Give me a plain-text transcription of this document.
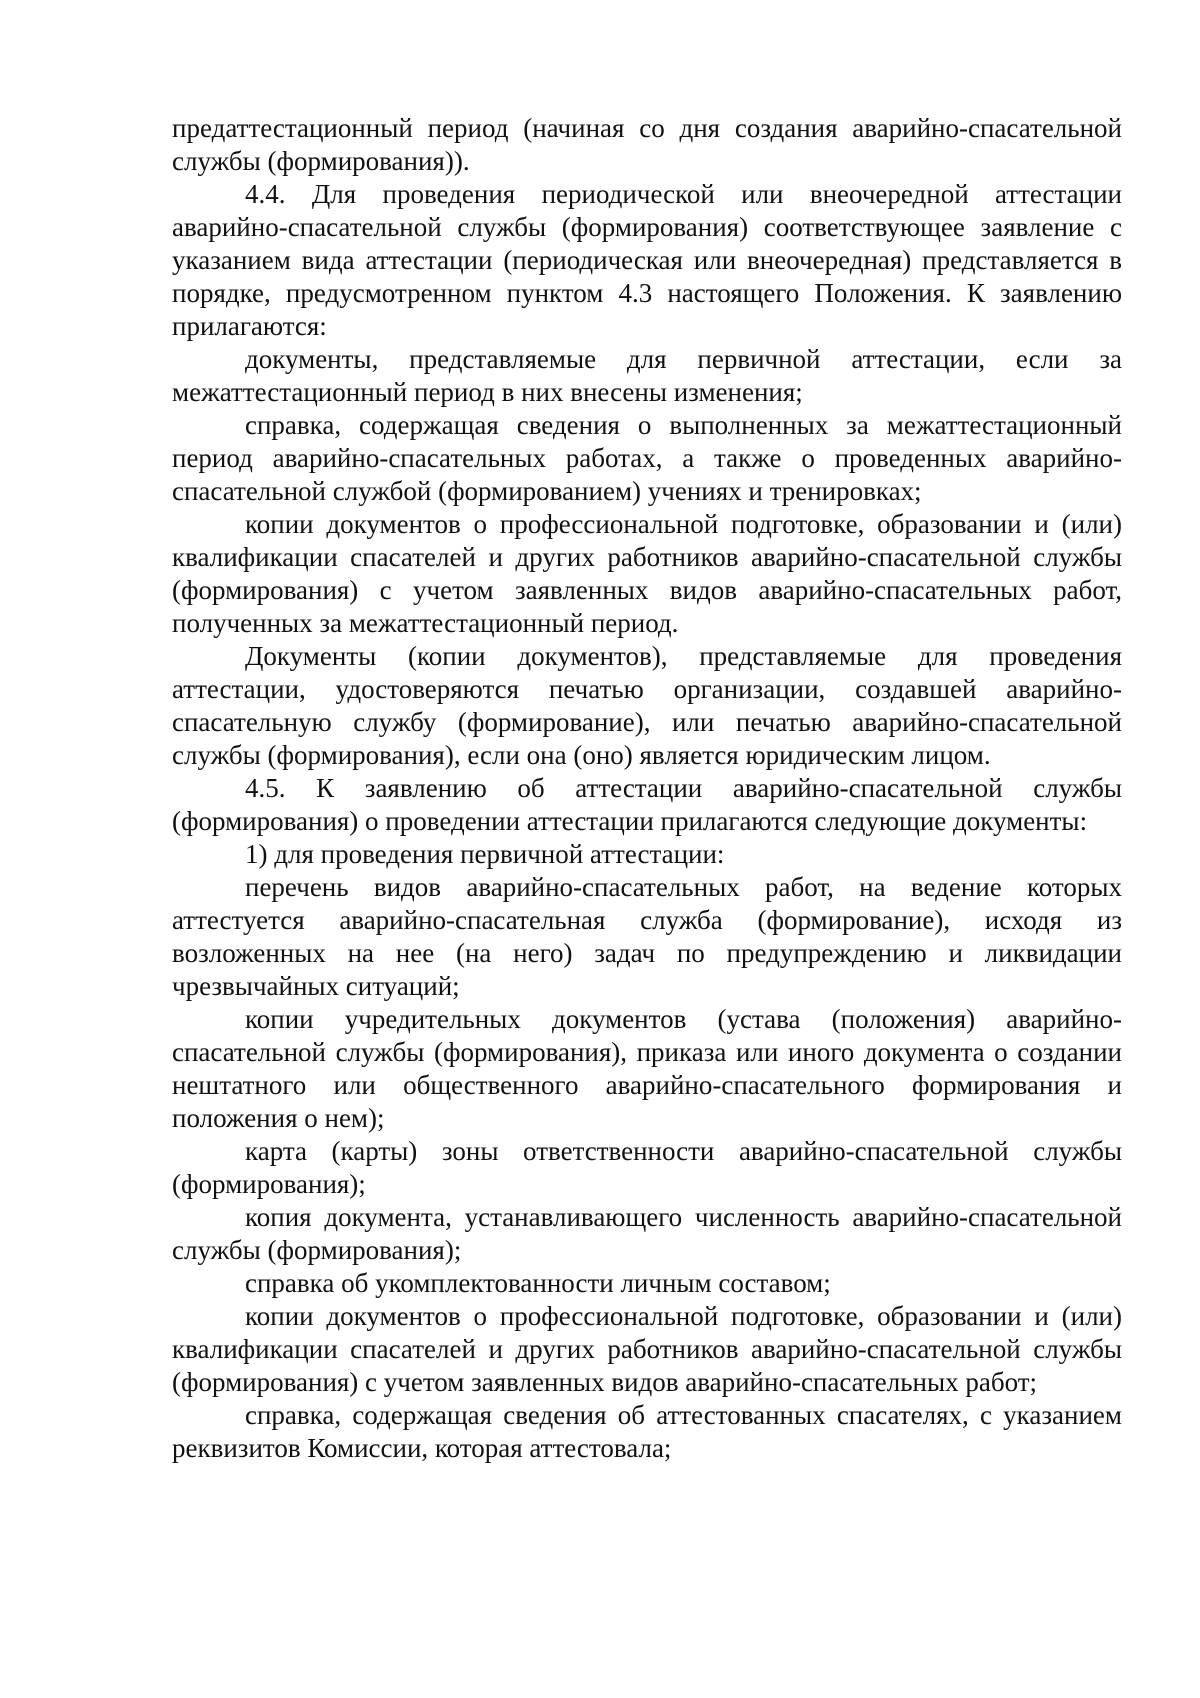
предаттестационный период (начиная со дня создания аварийно-спасательной службы (формирования)).

4.4. Для проведения периодической или внеочередной аттестации аварийно-спасательной службы (формирования) соответствующее заявление с указанием вида аттестации (периодическая или внеочередная) представляется в порядке, предусмотренном пунктом 4.3 настоящего Положения. К заявлению прилагаются:

документы, представляемые для первичной аттестации, если за межаттестационный период в них внесены изменения;

справка, содержащая сведения о выполненных за межаттестационный период аварийно-спасательных работах, а также о проведенных аварийно-спасательной службой (формированием) учениях и тренировках;

копии документов о профессиональной подготовке, образовании и (или) квалификации спасателей и других работников аварийно-спасательной службы (формирования) с учетом заявленных видов аварийно-спасательных работ, полученных за межаттестационный период.

Документы (копии документов), представляемые для проведения аттестации, удостоверяются печатью организации, создавшей аварийно-спасательную службу (формирование), или печатью аварийно-спасательной службы (формирования), если она (оно) является юридическим лицом.

4.5. К заявлению об аттестации аварийно-спасательной службы (формирования) о проведении аттестации прилагаются следующие документы:

1) для проведения первичной аттестации:

перечень видов аварийно-спасательных работ, на ведение которых аттестуется аварийно-спасательная служба (формирование), исходя из возложенных на нее (на него) задач по предупреждению и ликвидации чрезвычайных ситуаций;

копии учредительных документов (устава (положения) аварийно-спасательной службы (формирования), приказа или иного документа о создании нештатного или общественного аварийно-спасательного формирования и положения о нем);

карта (карты) зоны ответственности аварийно-спасательной службы (формирования);

копия документа, устанавливающего численность аварийно-спасательной службы (формирования);

справка об укомплектованности личным составом;

копии документов о профессиональной подготовке, образовании и (или) квалификации спасателей и других работников аварийно-спасательной службы (формирования) с учетом заявленных видов аварийно-спасательных работ;

справка, содержащая сведения об аттестованных спасателях, с указанием реквизитов Комиссии, которая аттестовала;
